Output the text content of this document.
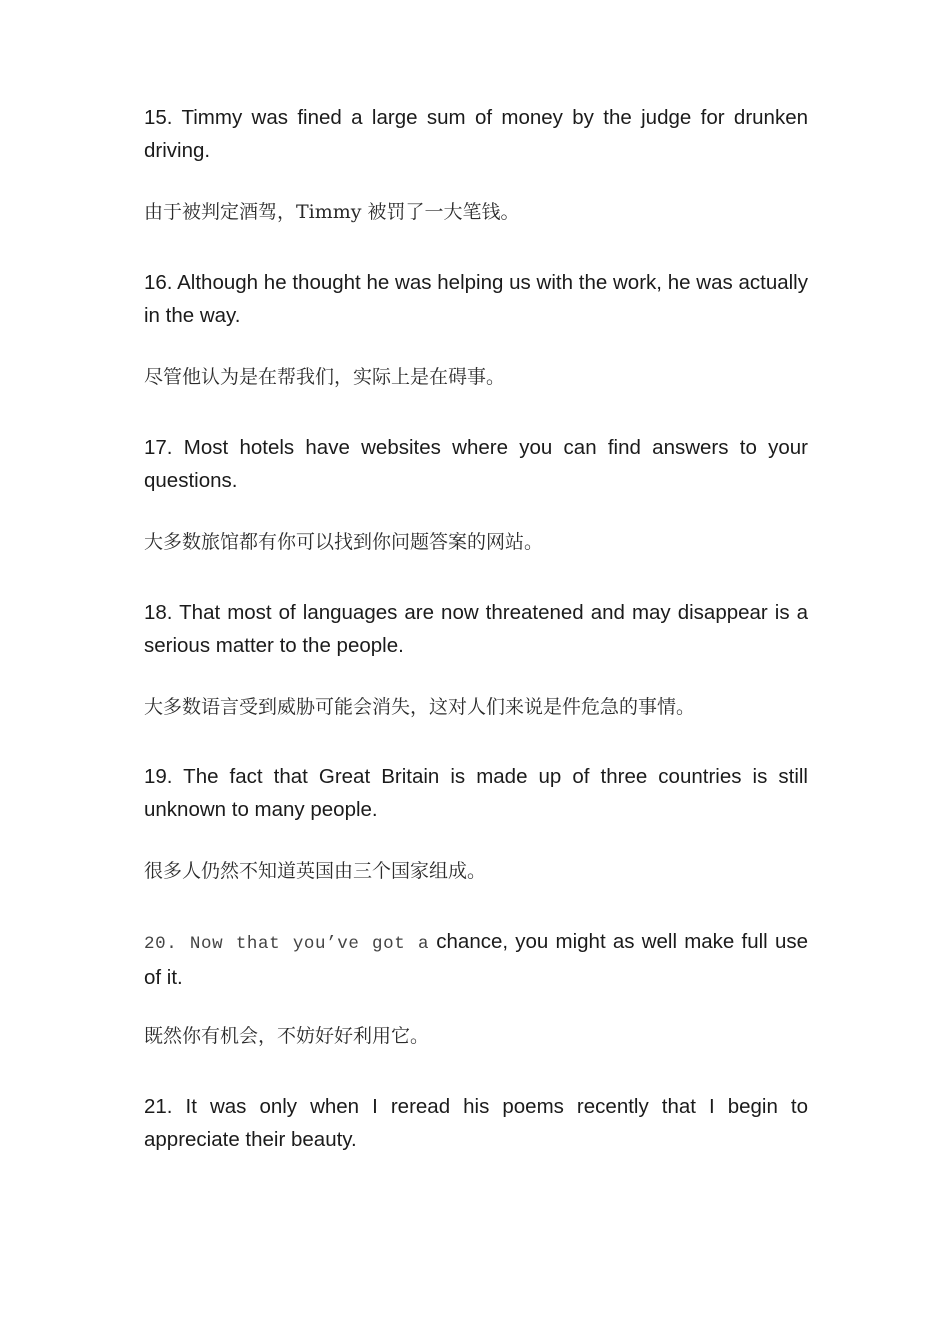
15. Timmy was fined a large sum of money by the judge for drunken driving.

由于被判定酒驾，Timmy 被罚了一大笔钱。

16. Although he thought he was helping us with the work, he was actually in the way.

尽管他认为是在帮我们，实际上是在碍事。

17. Most hotels have websites where you can find answers to your questions.

大多数旅馆都有你可以找到你问题答案的网站。

18. That most of languages are now threatened and may disappear is a serious matter to the people.

大多数语言受到威胁可能会消失，这对人们来说是件危急的事情。

19. The fact that Great Britain is made up of three countries is still unknown to many people.

很多人仍然不知道英国由三个国家组成。

20. Now that you’ve got a chance, you might as well make full use of it.

既然你有机会，不妨好好利用它。

21. It was only when I reread his poems recently that I begin to appreciate their beauty.
